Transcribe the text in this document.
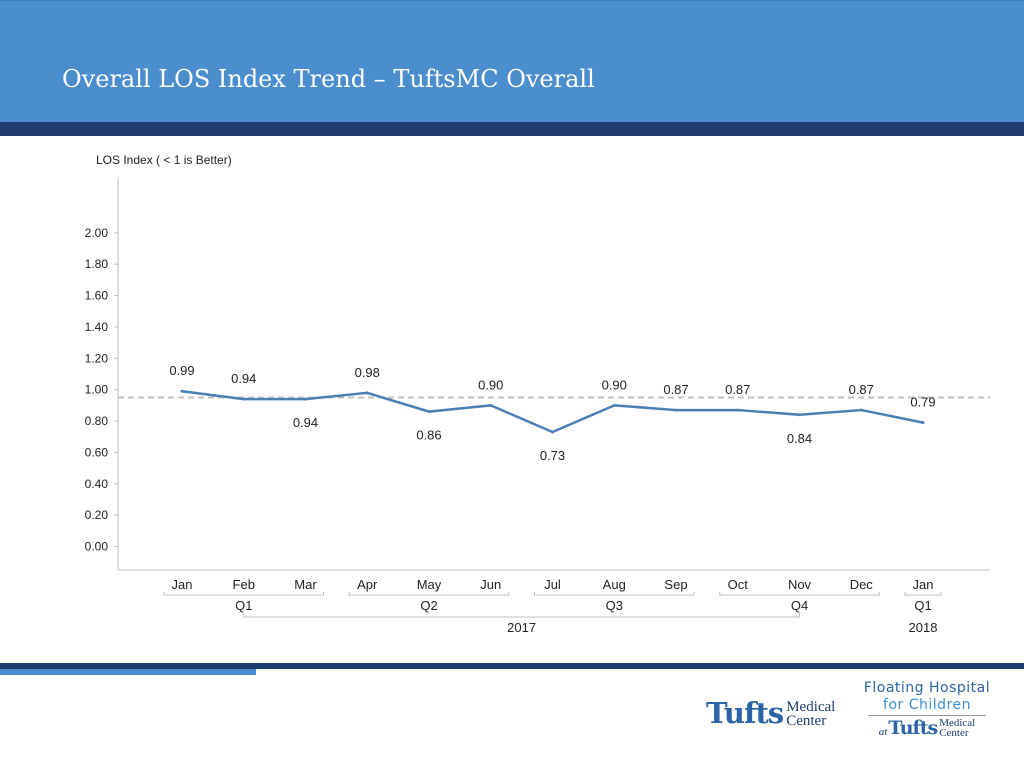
Overall LOS Index Trend – TuftsMC Overall
LOS Index ( < 1 is Better)
0.00
0.20
0.40
0.60
0.80
1.00
1.20
1.40
1.60
1.80
2.00
0.99
0.94
0.94
0.98
0.86
0.90
0.73
0.90	0.87	0.87
0.84
0.87
0.79
Jan	Feb	Mar	Apr	May	Jun	Jul	Aug	Sep	Oct	Nov	Dec	Jan
Q1	Q2	Q3	Q4	Q1
2017	2018
Tufts Medical
Center
Floating Hospital
for Children
at Tufts Medical
Center
